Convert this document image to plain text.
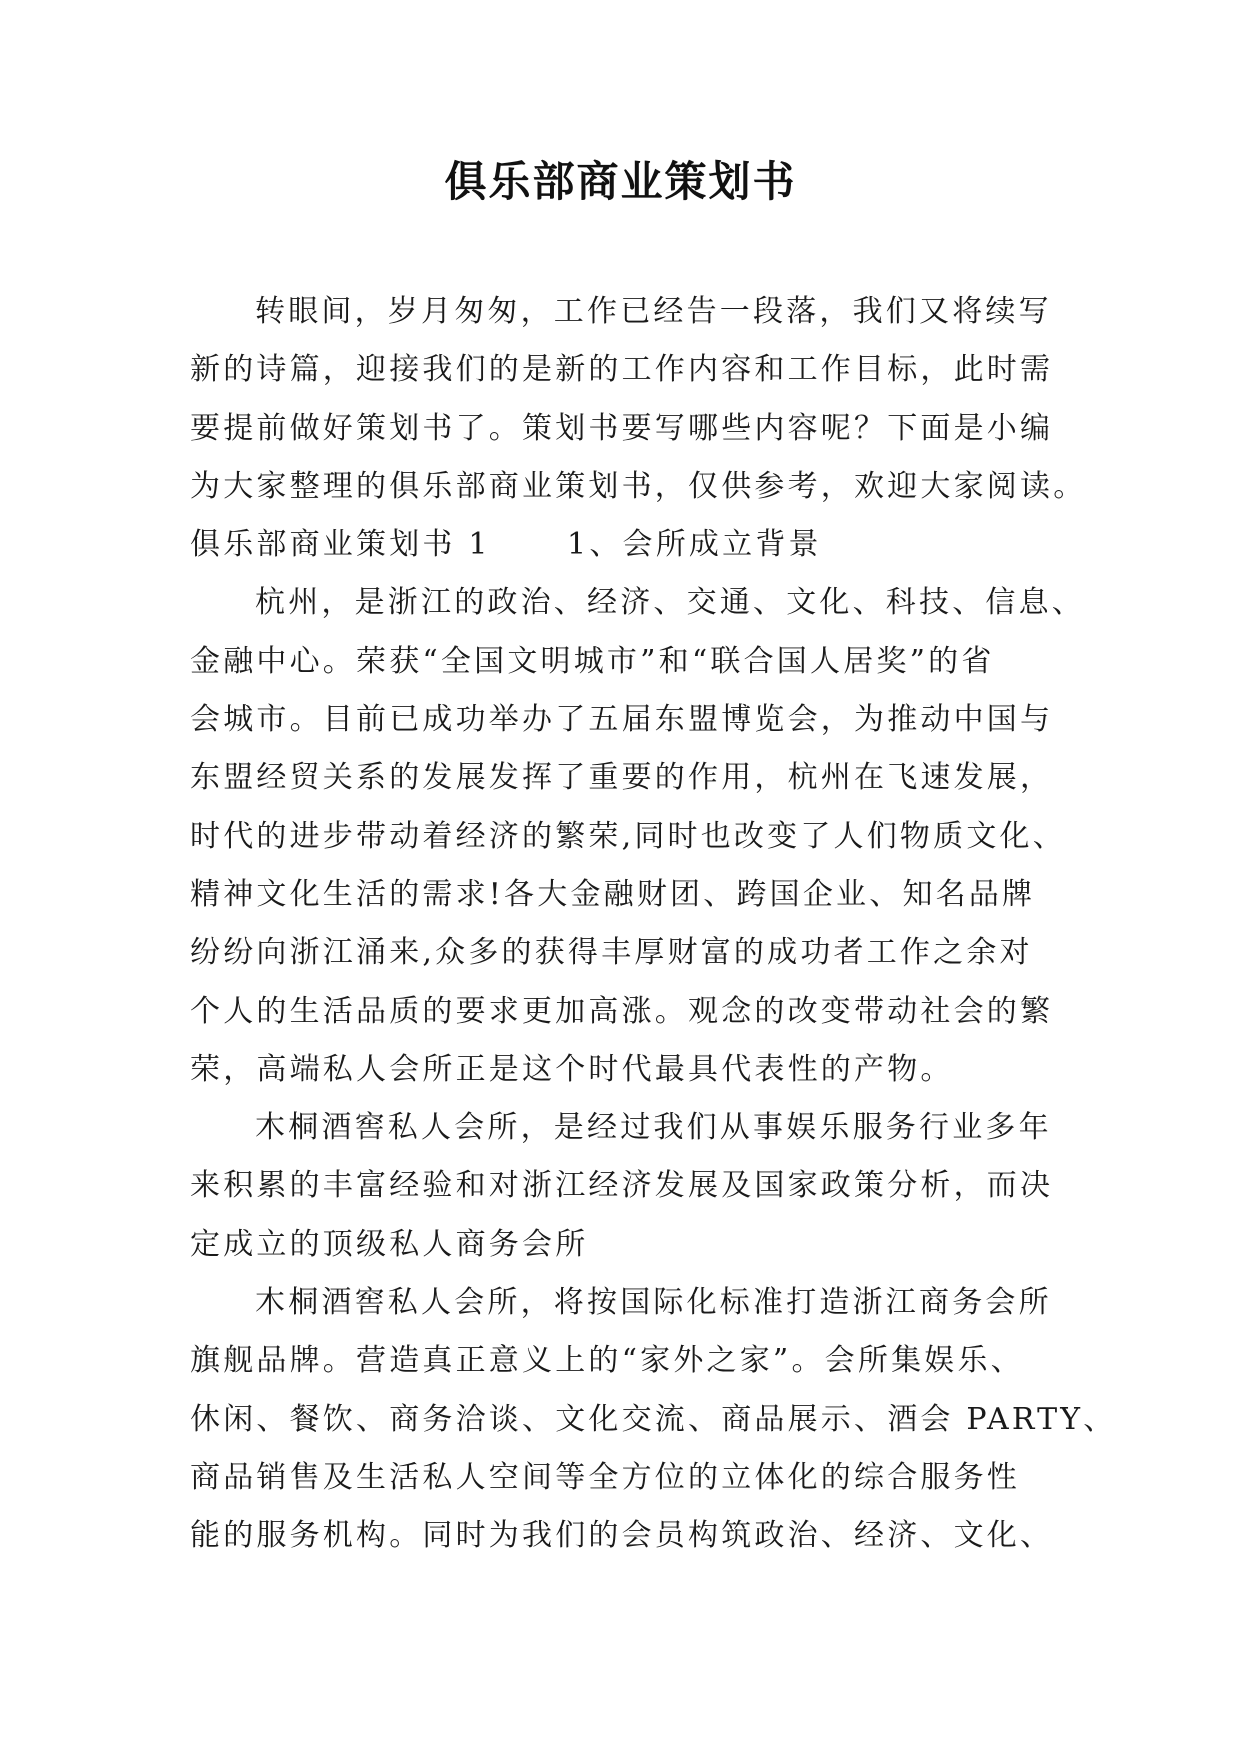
俱乐部商业策划书
转眼间，岁月匆匆，工作已经告一段落，我们又将续写
新的诗篇，迎接我们的是新的工作内容和工作目标，此时需
要提前做好策划书了。策划书要写哪些内容呢？下面是小编
为大家整理的俱乐部商业策划书，仅供参考，欢迎大家阅读。
俱乐部商业策划书 1      1、会所成立背景
杭州，是浙江的政治、经济、交通、文化、科技、信息、
金融中心。荣获“全国文明城市”和“联合国人居奖”的省
会城市。目前已成功举办了五届东盟博览会，为推动中国与
东盟经贸关系的发展发挥了重要的作用，杭州在飞速发展，
时代的进步带动着经济的繁荣,同时也改变了人们物质文化、
精神文化生活的需求!各大金融财团、跨国企业、知名品牌
纷纷向浙江涌来,众多的获得丰厚财富的成功者工作之余对
个人的生活品质的要求更加高涨。观念的改变带动社会的繁
荣，高端私人会所正是这个时代最具代表性的产物。
木桐酒窖私人会所，是经过我们从事娱乐服务行业多年
来积累的丰富经验和对浙江经济发展及国家政策分析，而决
定成立的顶级私人商务会所
木桐酒窖私人会所，将按国际化标准打造浙江商务会所
旗舰品牌。营造真正意义上的“家外之家”。会所集娱乐、
休闲、餐饮、商务洽谈、文化交流、商品展示、酒会 PARTY、
商品销售及生活私人空间等全方位的立体化的综合服务性
能的服务机构。同时为我们的会员构筑政治、经济、文化、
